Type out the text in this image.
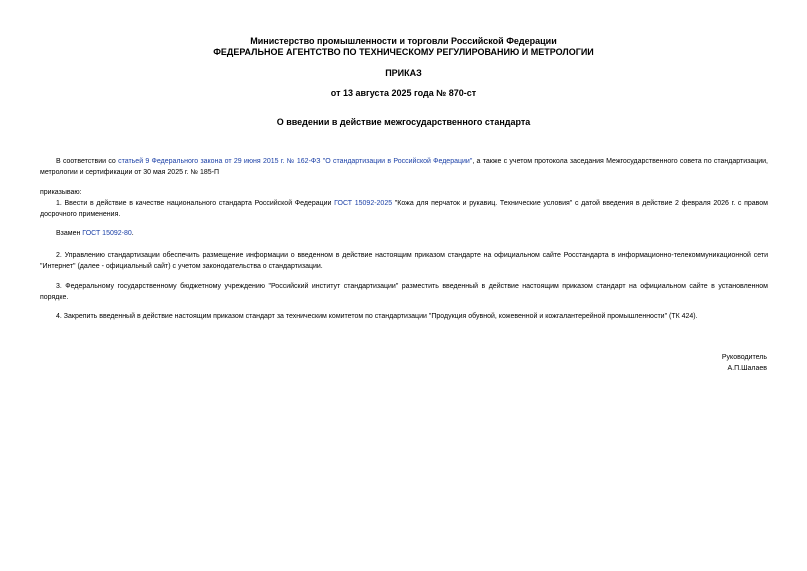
Министерство промышленности и торговли Российской Федерации
ФЕДЕРАЛЬНОЕ АГЕНТСТВО ПО ТЕХНИЧЕСКОМУ РЕГУЛИРОВАНИЮ И МЕТРОЛОГИИ
ПРИКАЗ
от 13 августа 2025 года № 870-ст
О введении в действие межгосударственного стандарта

В соответствии со статьей 9 Федерального закона от 29 июня 2015 г. № 162-ФЗ "О стандартизации в Российской Федерации", а также с учетом протокола заседания Межгосударственного совета по стандартизации, метрологии и сертификации от 30 мая 2025 г. № 185-П

приказываю:

1. Ввести в действие в качестве национального стандарта Российской Федерации ГОСТ 15092-2025 "Кожа для перчаток и рукавиц. Технические условия" с датой введения в действие 2 февраля 2026 г. с правом досрочного применения.

Взамен ГОСТ 15092-80.

2. Управлению стандартизации обеспечить размещение информации о введенном в действие настоящим приказом стандарте на официальном сайте Росстандарта в информационно-телекоммуникационной сети "Интернет" (далее - официальный сайт) с учетом законодательства о стандартизации.

3. Федеральному государственному бюджетному учреждению "Российский институт стандартизации" разместить введенный в действие настоящим приказом стандарт на официальном сайте в установленном порядке.

4. Закрепить введенный в действие настоящим приказом стандарт за техническим комитетом по стандартизации "Продукция обувной, кожевенной и кожгалантерейной промышленности" (ТК 424).

Руководитель
А.П.Шалаев
